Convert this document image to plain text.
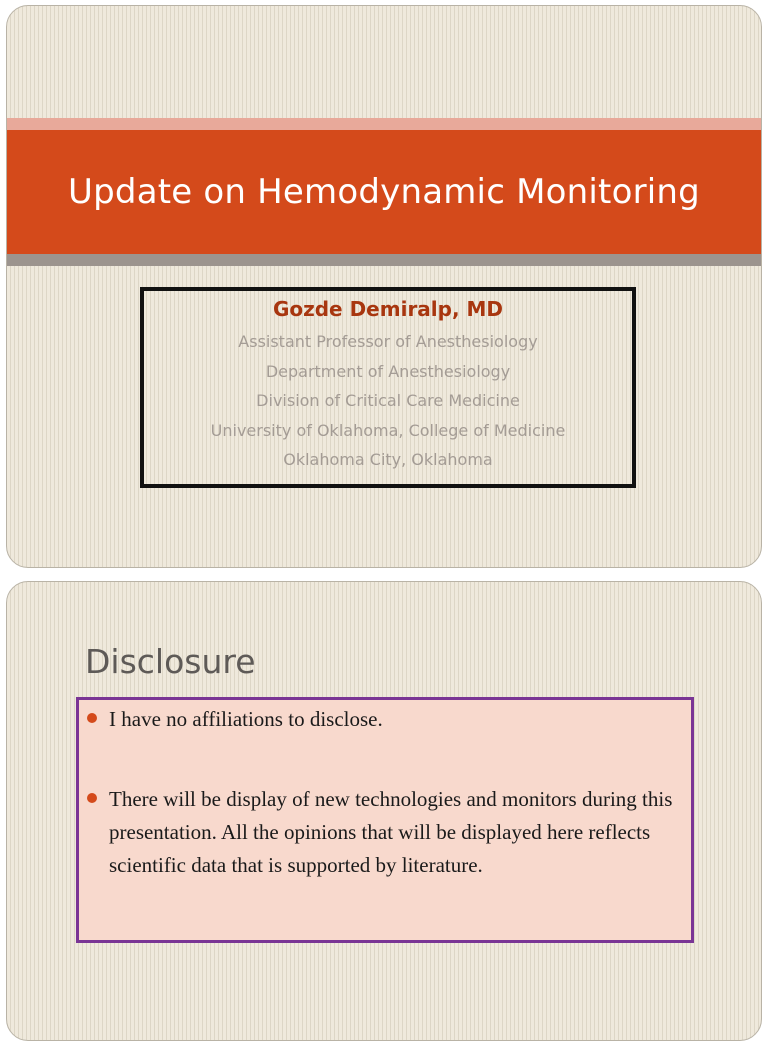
Update on Hemodynamic Monitoring
Gozde Demiralp, MD
Assistant Professor of Anesthesiology
Department of Anesthesiology
Division of Critical Care Medicine
University of Oklahoma, College of Medicine
Oklahoma City, Oklahoma
Disclosure
I have no affiliations to disclose.
There will be display of new technologies and monitors during this presentation. All the opinions that will be displayed here reflects scientific data that is supported by literature.
